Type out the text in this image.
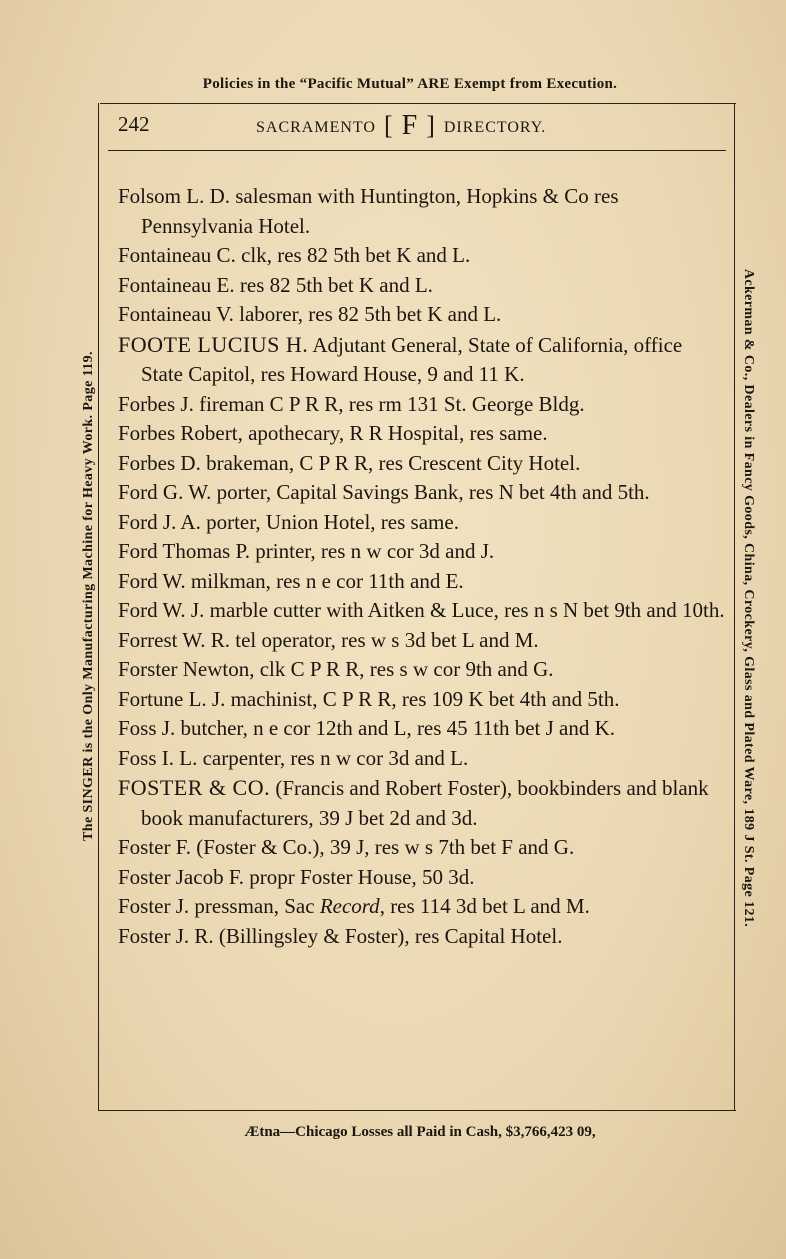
Policies in the “Pacific Mutual” ARE Exempt from Execution.
242	SACRAMENTO [ F ] DIRECTORY.

Folsom L. D. salesman with Huntington, Hopkins & Co res Pennsylvania Hotel.

Fontaineau C. clk, res 82 5th bet K and L.

Fontaineau E. res 82 5th bet K and L.

Fontaineau V. laborer, res 82 5th bet K and L.

FOOTE LUCIUS H. Adjutant General, State of California, office State Capitol, res Howard House, 9 and 11 K.

Forbes J. fireman C P R R, res rm 131 St. George Bldg.

Forbes Robert, apothecary, R R Hospital, res same.

Forbes D. brakeman, C P R R, res Crescent City Hotel.

Ford G. W. porter, Capital Savings Bank, res N bet 4th and 5th.

Ford J. A. porter, Union Hotel, res same.

Ford Thomas P. printer, res n w cor 3d and J.

Ford W. milkman, res n e cor 11th and E.

Ford W. J. marble cutter with Aitken & Luce, res n s N bet 9th and 10th.

Forrest W. R. tel operator, res w s 3d bet L and M.

Forster Newton, clk C P R R, res s w cor 9th and G.

Fortune L. J. machinist, C P R R, res 109 K bet 4th and 5th.

Foss J. butcher, n e cor 12th and L, res 45 11th bet J and K.

Foss I. L. carpenter, res n w cor 3d and L.

FOSTER & CO. (Francis and Robert Foster), bookbinders and blank book manufacturers, 39 J bet 2d and 3d.

Foster F. (Foster & Co.), 39 J, res w s 7th bet F and G.

Foster Jacob F. propr Foster House, 50 3d.

Foster J. pressman, Sac Record, res 114 3d bet L and M.

Foster J. R. (Billingsley & Foster), res Capital Hotel.

Ætna—Chicago Losses all Paid in Cash, $3,766,423 09,
The SINGER is the Only Manufacturing Machine for Heavy Work. Page 119.	Ackerman & Co., Dealers in Fancy Goods, China, Crockery, Glass and Plated Ware, 189 J St. Page 121.
